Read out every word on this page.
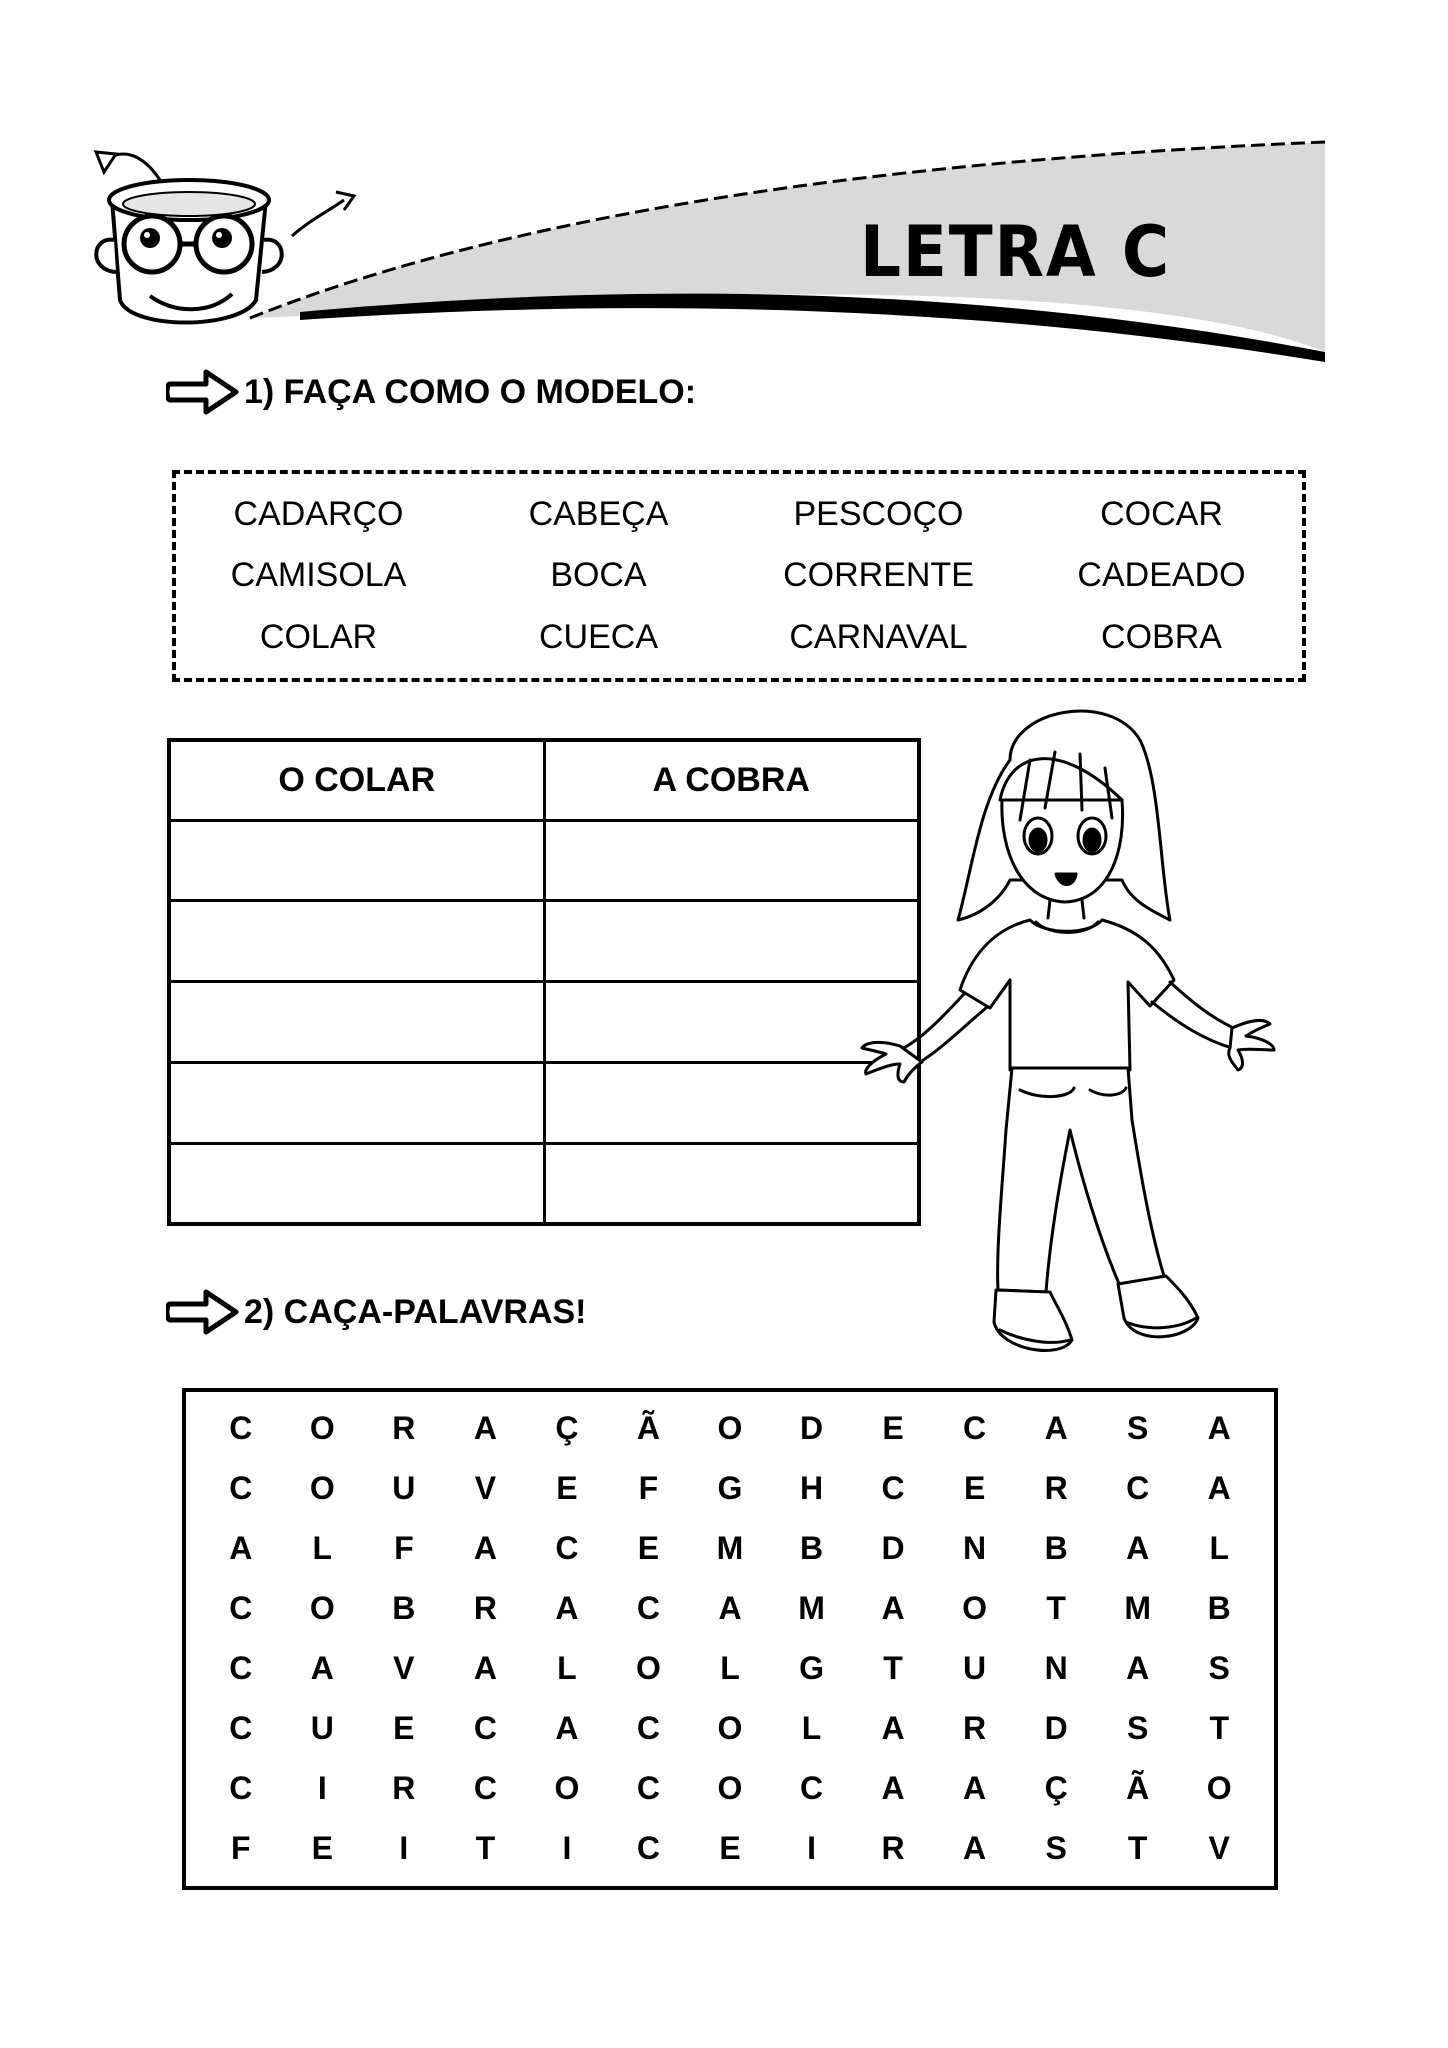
LETRA C
1) FAÇA COMO O MODELO:
CADARÇO	CABEÇA	PESCOÇO	COCAR
CAMISOLA	BOCA	CORRENTE	CADEADO
COLAR	CUECA	CARNAVAL	COBRA
O COLAR	A COBRA

2) CAÇA-PALAVRAS!
C	O	R	A	Ç	Ã	O	D	E	C	A	S	A
C	O	U	V	E	F	G	H	C	E	R	C	A
A	L	F	A	C	E	M	B	D	N	B	A	L
C	O	B	R	A	C	A	M	A	O	T	M	B
C	A	V	A	L	O	L	G	T	U	N	A	S
C	U	E	C	A	C	O	L	A	R	D	S	T
C	I	R	C	O	C	O	C	A	A	Ç	Ã	O
F	E	I	T	I	C	E	I	R	A	S	T	V
